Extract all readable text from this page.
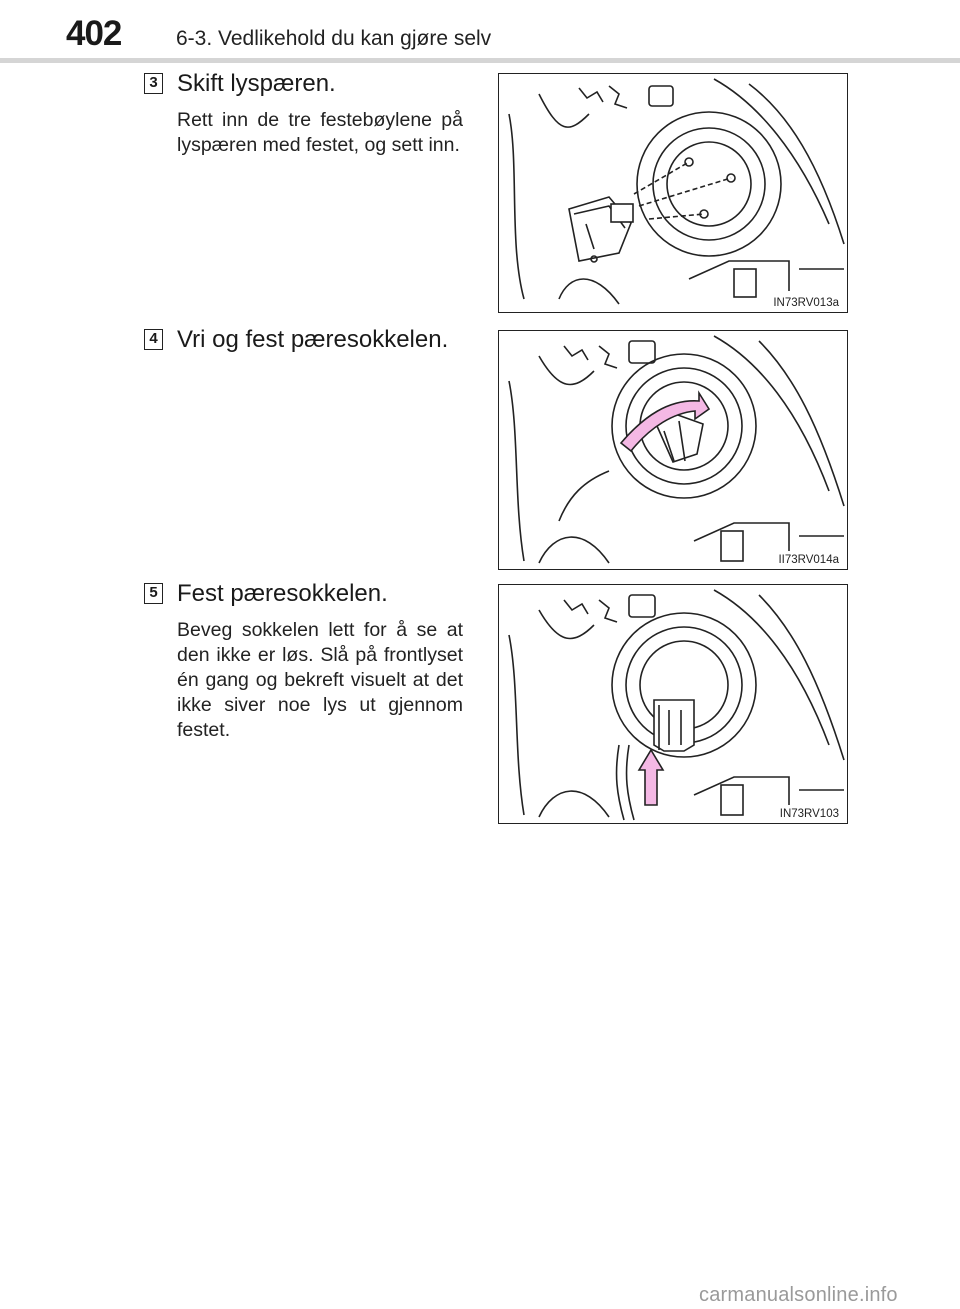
402	6-3. Vedlikehold du kan gjøre selv
3 Skift lyspæren.
Rett inn de tre festebøylene på lyspæren med festet, og sett inn.
IN73RV013a
4 Vri og fest pæresokkelen.
II73RV014a
5 Fest pæresokkelen.
Beveg sokkelen lett for å se at den ikke er løs. Slå på frontlyset én gang og bekreft visuelt at det ikke siver noe lys ut gjennom festet.
IN73RV103
carmanualsonline.info
